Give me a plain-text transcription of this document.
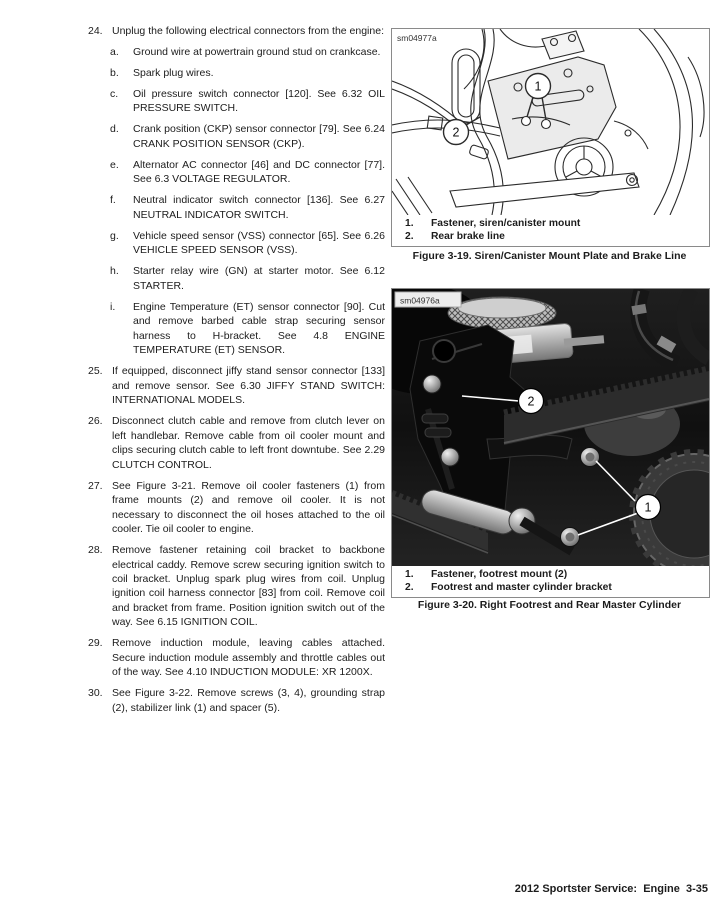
24. Unplug the following electrical connectors from the engine:
a.	Ground wire at powertrain ground stud on crankcase.
b.	Spark plug wires.
c.	Oil pressure switch connector [120]. See 6.32 OIL PRESSURE SWITCH.
d.	Crank position (CKP) sensor connector [79]. See 6.24 CRANK POSITION SENSOR (CKP).
e.	Alternator AC connector [46] and DC connector [77]. See 6.3 VOLTAGE REGULATOR.
f.	Neutral indicator switch connector [136]. See 6.27 NEUTRAL INDICATOR SWITCH.
g.	Vehicle speed sensor (VSS) connector [65]. See 6.26 VEHICLE SPEED SENSOR (VSS).
h.	Starter relay wire (GN) at starter motor. See 6.12 STARTER.
i.	Engine Temperature (ET) sensor connector [90]. Cut and remove barbed cable strap securing sensor harness to H-bracket. See 4.8 ENGINE TEMPERATURE (ET) SENSOR.
25. If equipped, disconnect jiffy stand sensor connector [133] and remove sensor. See 6.30 JIFFY STAND SWITCH: INTERNATIONAL MODELS.
26. Disconnect clutch cable and remove from clutch lever on left handlebar. Remove cable from oil cooler mount and clips securing clutch cable to left front downtube. See 2.29 CLUTCH CONTROL.
27. See Figure 3-21. Remove oil cooler fasteners (1) from frame mounts (2) and remove oil cooler. It is not necessary to disconnect the oil hoses attached to the oil cooler. Tie oil cooler to engine.
28. Remove fastener retaining coil bracket to backbone electrical caddy. Remove screw securing ignition switch to coil bracket. Unplug spark plug wires from coil. Unplug ignition coil harness connector [83] from coil. Remove coil and bracket from frame. Position ignition switch out of the way. See 6.15 IGNITION COIL.
29. Remove induction module, leaving cables attached. Secure induction module assembly and throttle cables out of the way. See 4.10 INDUCTION MODULE: XR 1200X.
30. See Figure 3-22. Remove screws (3, 4), grounding strap (2), stabilizer link (1) and spacer (5).
1
2
sm04977a
1.	Fastener, siren/canister mount
2.	Rear brake line
Figure 3-19. Siren/Canister Mount Plate and Brake Line
1
2
sm04976a
1.	Fastener, footrest mount (2)
2.	Footrest and master cylinder bracket
Figure 3-20. Right Footrest and Rear Master Cylinder
2012 Sportster Service:  Engine  3-35
